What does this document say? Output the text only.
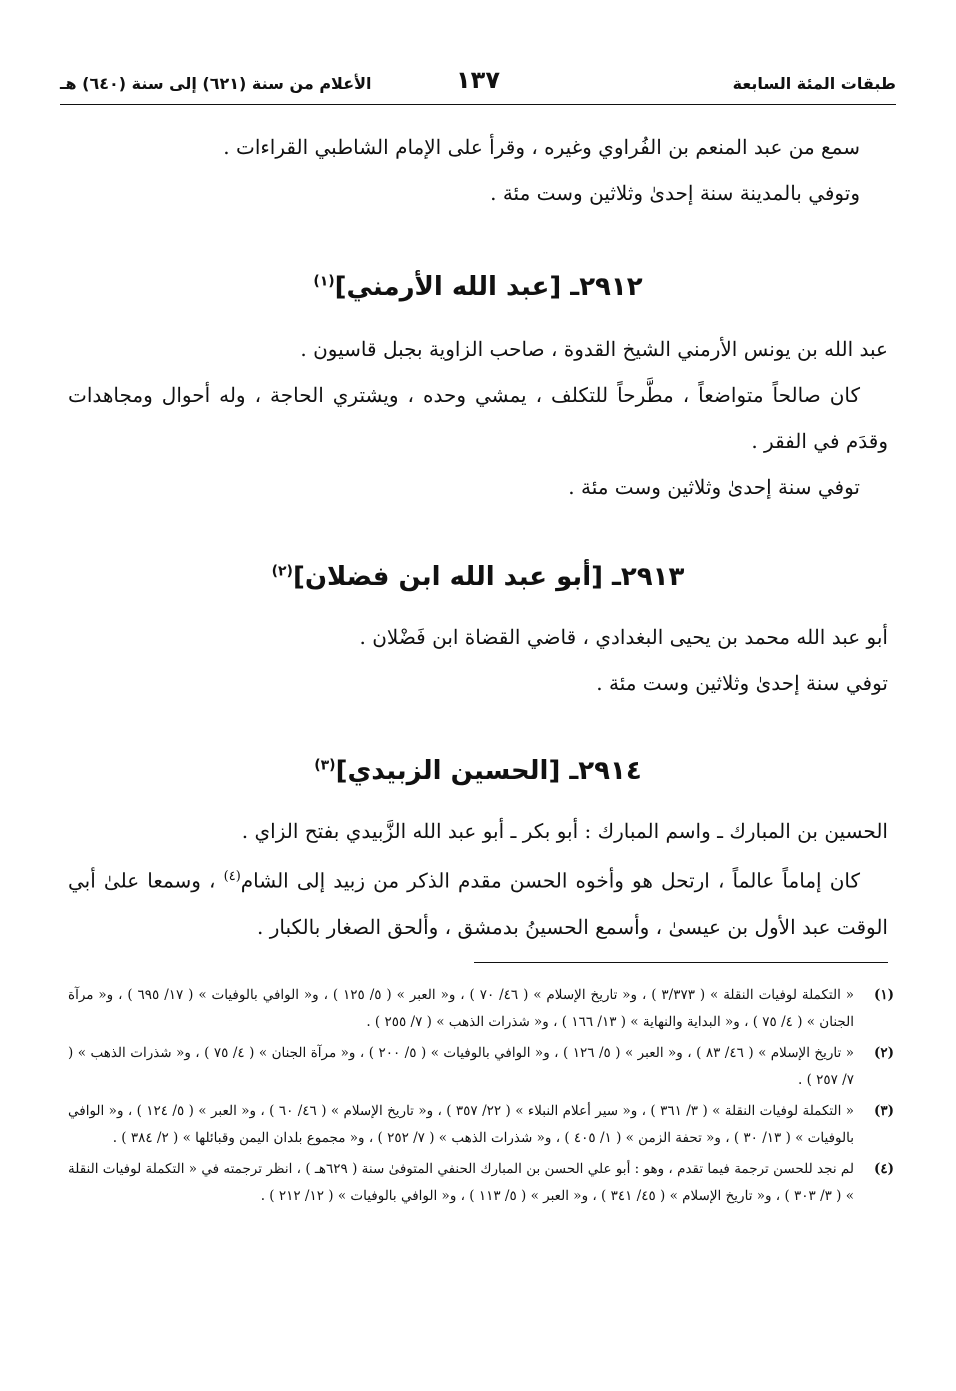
طبقات المئة السابعة
١٣٧
الأعلام من سنة (٦٢١) إلى سنة (٦٤٠) هـ

سمع من عبد المنعم بن الفُراوي وغيره ، وقرأ على الإمام الشاطبي القراءات .

وتوفي بالمدينة سنة إحدىٰ وثلاثين وست مئة .

٢٩١٢ـ [عبد الله الأرمني]$^{(١)}$

عبد الله بن يونس الأرمني الشيخ القدوة ، صاحب الزاوية بجبل قاسيون .

كان صالحاً متواضعاً ، مطَّرحاً للتكلف ، يمشي وحده ، ويشتري الحاجة ، وله أحوال ومجاهدات وقدَم في الفقر .

توفي سنة إحدىٰ وثلاثين وست مئة .

٢٩١٣ـ [أبو عبد الله ابن فضلان]$^{(٢)}$

أبو عبد الله محمد بن يحيى البغدادي ، قاضي القضاة ابن فَضْلان .

توفي سنة إحدىٰ وثلاثين وست مئة .

٢٩١٤ـ [الحسين الزبيدي]$^{(٣)}$

الحسين بن المبارك ـ واسم المبارك : أبو بكر ـ أبو عبد الله الزَّبيدي بفتح الزاي .

كان إماماً عالماً ، ارتحل هو وأخوه الحسن مقدم الذكر من زبيد إلى الشام$^{(٤)}$ ، وسمعا علىٰ أبي الوقت عبد الأول بن عيسىٰ ، وأسمع الحسينُ بدمشق ، وألحق الصغار بالكبار .

(١)
« التكملة لوفيات النقلة » ( ٣/٣٧٣ ) ، و« تاريخ الإسلام » ( ٤٦/ ٧٠ ) ، و« العبر » ( ٥/ ١٢٥ ) ، و« الوافي بالوفيات » ( ١٧/ ٦٩٥ ) ، و« مرآة الجنان » ( ٤/ ٧٥ ) ، و« البداية والنهاية » ( ١٣/ ١٦٦ ) ، و« شذرات الذهب » ( ٧/ ٢٥٥ ) .
(٢)
« تاريخ الإسلام » ( ٤٦/ ٨٣ ) ، و« العبر » ( ٥/ ١٢٦ ) ، و« الوافي بالوفيات » ( ٥/ ٢٠٠ ) ، و« مرآة الجنان » ( ٤/ ٧٥ ) ، و« شذرات الذهب » ( ٧/ ٢٥٧ ) .
(٣)
« التكملة لوفيات النقلة » ( ٣/ ٣٦١ ) ، و« سير أعلام النبلاء » ( ٢٢/ ٣٥٧ ) ، و« تاريخ الإسلام » ( ٤٦/ ٦٠ ) ، و« العبر » ( ٥/ ١٢٤ ) ، و« الوافي بالوفيات » ( ١٣/ ٣٠ ) ، و« تحفة الزمن » ( ١/ ٤٠٥ ) ، و« شذرات الذهب » ( ٧/ ٢٥٢ ) ، و« مجموع بلدان اليمن وقبائلها » ( ٢/ ٣٨٤ ) .
(٤)
لم نجد للحسن ترجمة فيما تقدم ، وهو : أبو علي الحسن بن المبارك الحنفي المتوفىٰ سنة ( ٦٢٩هـ ) ، انظر ترجمته في « التكملة لوفيات النقلة » ( ٣/ ٣٠٣ ) ، و« تاريخ الإسلام » ( ٤٥/ ٣٤١ ) ، و« العبر » ( ٥/ ١١٣ ) ، و« الوافي بالوفيات » ( ١٢/ ٢١٢ ) .
